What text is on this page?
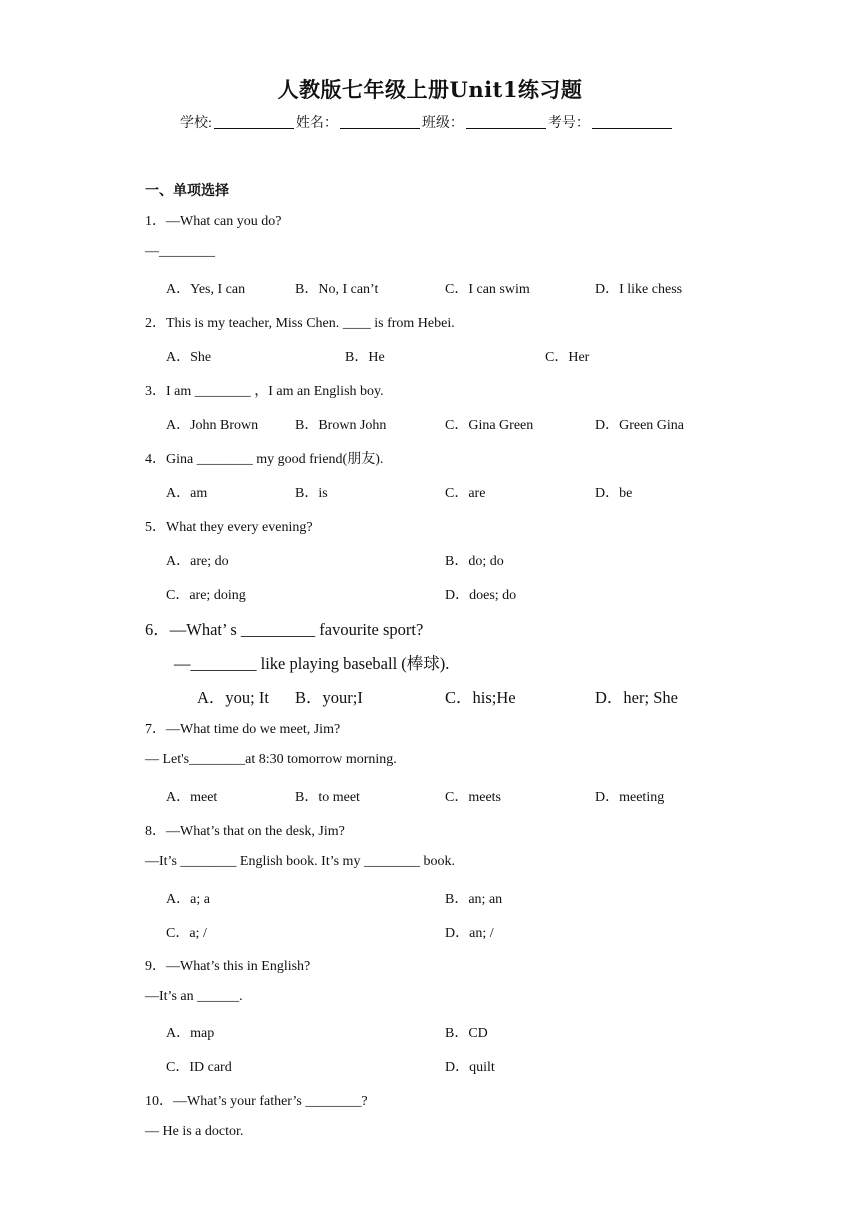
人教版七年级上册Unit1练习题
学校:	姓名：	班级：	考号：
一、单项选择
1．—What can you do?
—________
A．Yes, I can	B．No, I can’t	C．I can swim	D．I like chess
2．This is my teacher, Miss Chen. ____ is from Hebei.
A．She	B．He	C．Her
3．I am ________ ，I am an English boy.
A．John Brown	B．Brown John	C．Gina Green	D．Green Gina
4．Gina ________ my good friend(朋友).
A．am	B．is	C．are	D．be
5．What they every evening?
A．are; do	B．do; do
C．are; doing	D．does; do
6．—What’ s _________ favourite sport?
—________ like playing baseball (棒球).
A．you; It B．your;I	C．his;He	D．her; She
7．—What time do we meet, Jim?
— Let's________at 8:30 tomorrow morning.
A．meet	B．to meet	C．meets	D．meeting
8．—What’s that on the desk, Jim?
—It’s ________ English book. It’s my ________ book.
A．a; a	B．an; an
C．a; /	D．an; /
9．—What’s this in English?
—It’s an ______.
A．map	B．CD
C．ID card	D．quilt
10．—What’s your father’s ________?
— He is a doctor.
